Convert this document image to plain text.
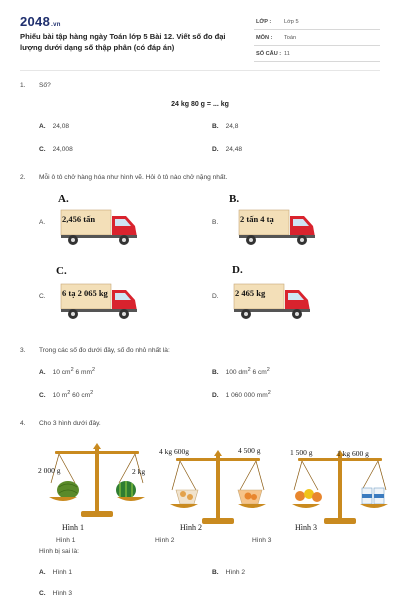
2048.vn
Phiếu bài tập hàng ngày Toán lớp 5 Bài 12. Viết số đo đại lượng dưới dạng số thập phân (có đáp án)
LỚP : Lớp 5
MÔN : Toán
SỐ CÂU : 11
1. Số?
24 kg 80 g = ... kg
A. 24,08	B. 24,8
C. 24,008	D. 24,48
2. Mỗi ô tô chở hàng hóa như hình vẽ. Hỏi ô tô nào chở nặng nhất.
A.
A. 2,456 tấn
B.
B.	2 tấn 4 tạ
C.
C. 6 tạ 2 065 kg
D.
D. 2 465 kg
3. Trong các số đo dưới đây, số đo nhỏ nhất là:
A. 10 $cm^2$ 6 $mm^2$	B. 100 $dm^2$ 6 $cm^2$
C. 10 $m^2$ 60 $cm^2$	D. 1 060 000 $mm^2$
4. Cho 3 hình dưới đây.
2 000 g	2 kg
Hình 1
4 kg 600g	4 500 g
Hình 2
1 500 g	1 kg 600 g
Hình 3
Hình 1	Hình 2	Hình 3
Hình bị sai là:
A. Hình 1	B. Hình 2
C. Hình 3
